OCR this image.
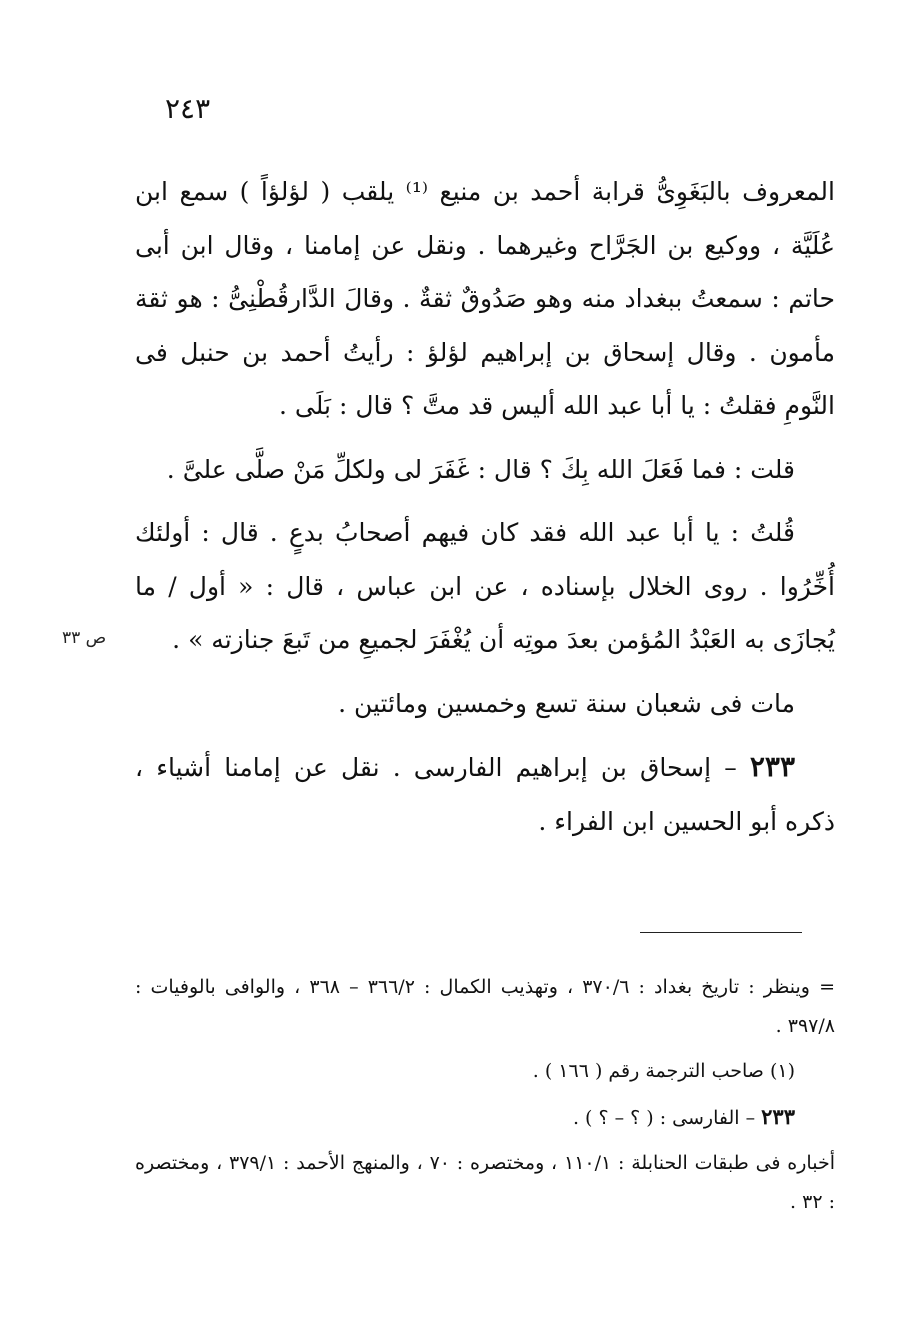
٢٤٣

المعروف بالبَغَوِىُّ قرابة أحمد بن منيع ⁽¹⁾ يلقب ( لؤلؤاً ) سمع ابن عُلَيَّة ، ووكيع بن الجَرَّاح وغيرهما . ونقل عن إمامنا ، وقال ابن أبى حاتم : سمعتُ ببغداد منه وهو صَدُوقٌ ثقةٌ . وقالَ الدَّارقُطْنِىُّ : هو ثقة مأمون . وقال إسحاق بن إبراهيم لؤلؤ : رأيتُ أحمد بن حنبل فى النَّومِ فقلتُ : يا أبا عبد الله أليس قد متَّ ؟ قال : بَلَى .

قلت : فما فَعَلَ الله بِكَ ؟ قال : غَفَرَ لى ولكلِّ مَنْ صلَّى علىَّ .

قُلتُ : يا أبا عبد الله فقد كان فيهم أصحابُ بدعٍ . قال : أولئك أُخِّرُوا . روى الخلال بإسناده ، عن ابن عباس ، قال : « أول / ما يُجازَى به العَبْدُ المُؤمن بعدَ موتِه أن يُغْفَرَ لجميعِ من تَبعَ جنازته » .

مات فى شعبان سنة تسع وخمسين ومائتين .

٢٣٣ – إسحاق بن إبراهيم الفارسى . نقل عن إمامنا أشياء ، ذكره أبو الحسين ابن الفراء .

ص ٣٣

= وينظر : تاريخ بغداد : ٣٧٠/٦ ، وتهذيب الكمال : ٣٦٦/٢ – ٣٦٨ ، والوافى بالوفيات : ٣٩٧/٨ .

(١) صاحب الترجمة رقم ( ١٦٦ ) .

٢٣٣ – الفارسى : ( ؟ – ؟ ) .

أخباره فى طبقات الحنابلة : ١١٠/١ ، ومختصره : ٧٠ ، والمنهج الأحمد : ٣٧٩/١ ، ومختصره : ٣٢ .
